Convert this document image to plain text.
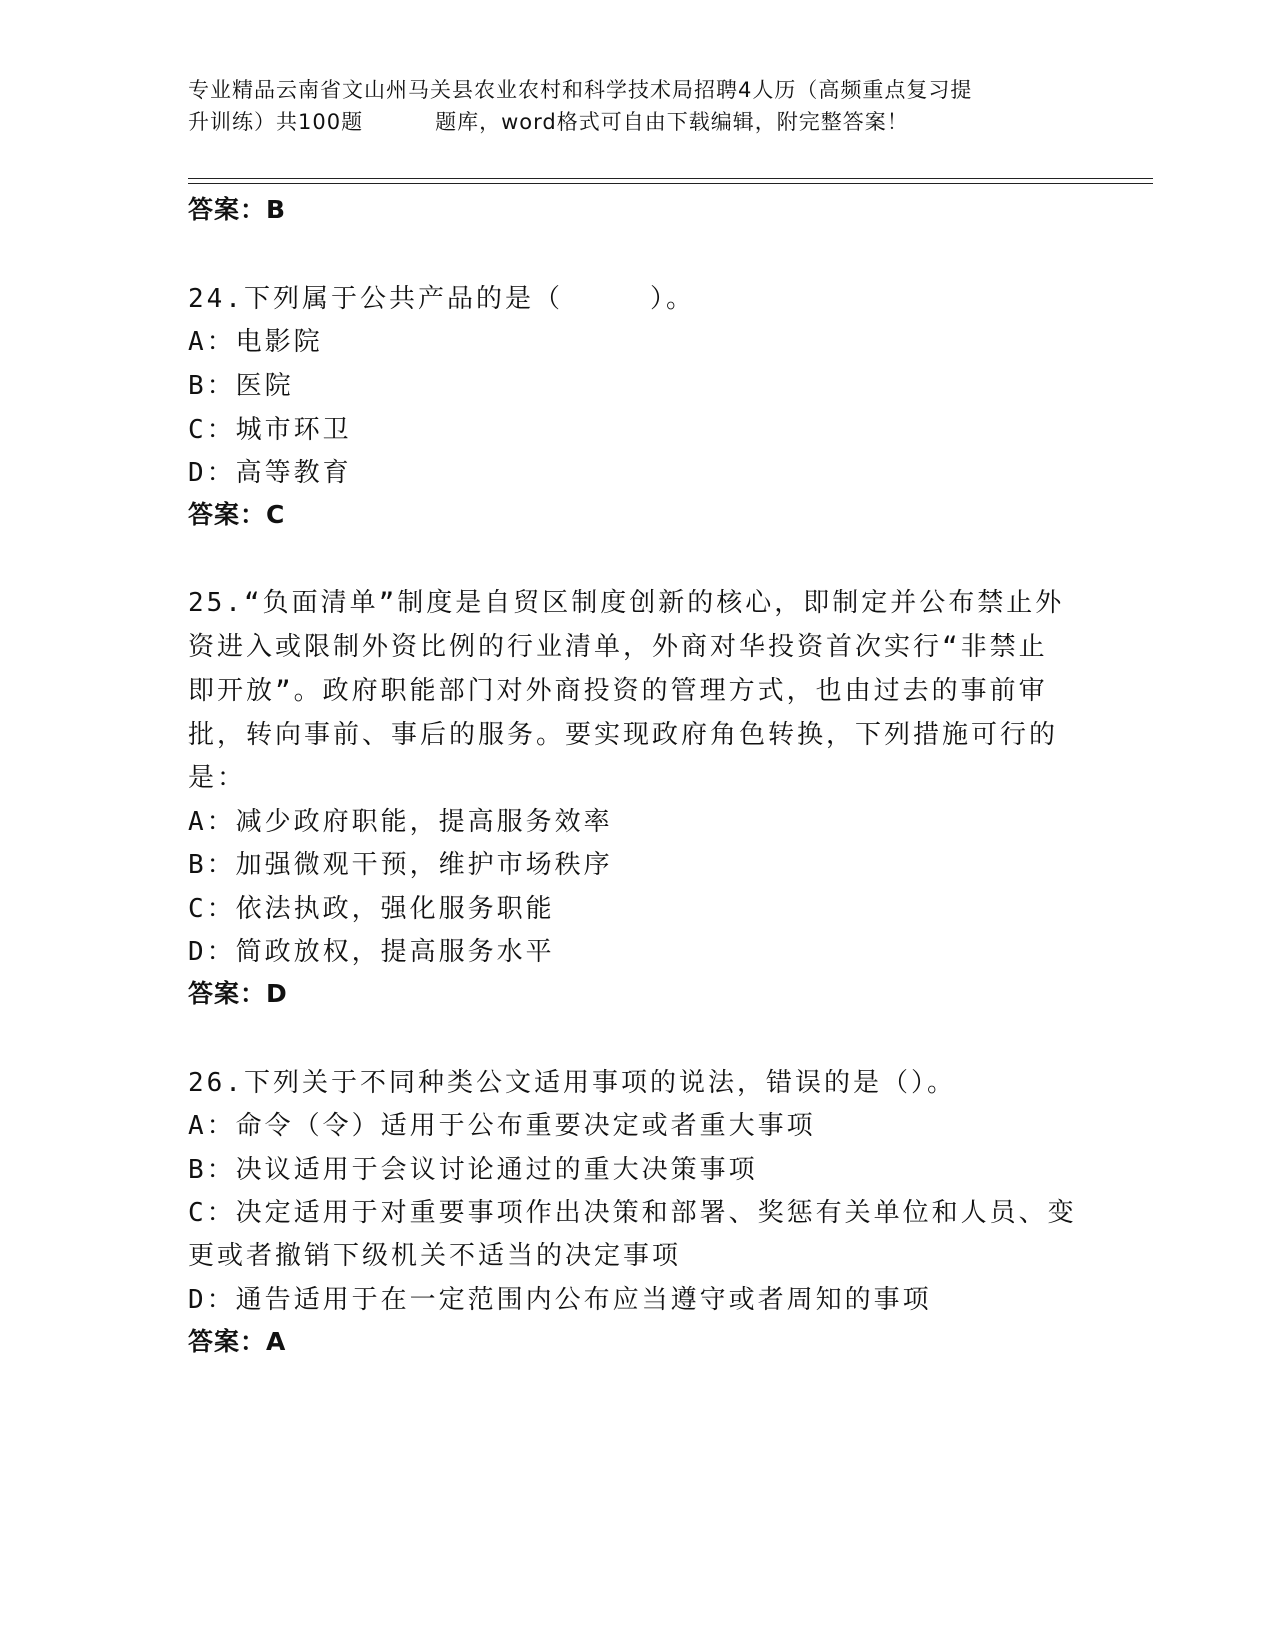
专业精品云南省文山州马关县农业农村和科学技术局招聘4人历（高频重点复习提
升训练）共100题	题库，word格式可自由下载编辑，附完整答案！
答案：B
24.下列属于公共产品的是（　　　）。
A：电影院
B：医院
C：城市环卫
D：高等教育
答案：C
25.“负面清单”制度是自贸区制度创新的核心，即制定并公布禁止外
资进入或限制外资比例的行业清单，外商对华投资首次实行“非禁止
即开放”。政府职能部门对外商投资的管理方式，也由过去的事前审
批，转向事前、事后的服务。要实现政府角色转换，下列措施可行的
是：
A：减少政府职能，提高服务效率
B：加强微观干预，维护市场秩序
C：依法执政，强化服务职能
D：简政放权，提高服务水平
答案：D
26.下列关于不同种类公文适用事项的说法，错误的是（）。
A：命令（令）适用于公布重要决定或者重大事项
B：决议适用于会议讨论通过的重大决策事项
C：决定适用于对重要事项作出决策和部署、奖惩有关单位和人员、变
更或者撤销下级机关不适当的决定事项
D：通告适用于在一定范围内公布应当遵守或者周知的事项
答案：A
